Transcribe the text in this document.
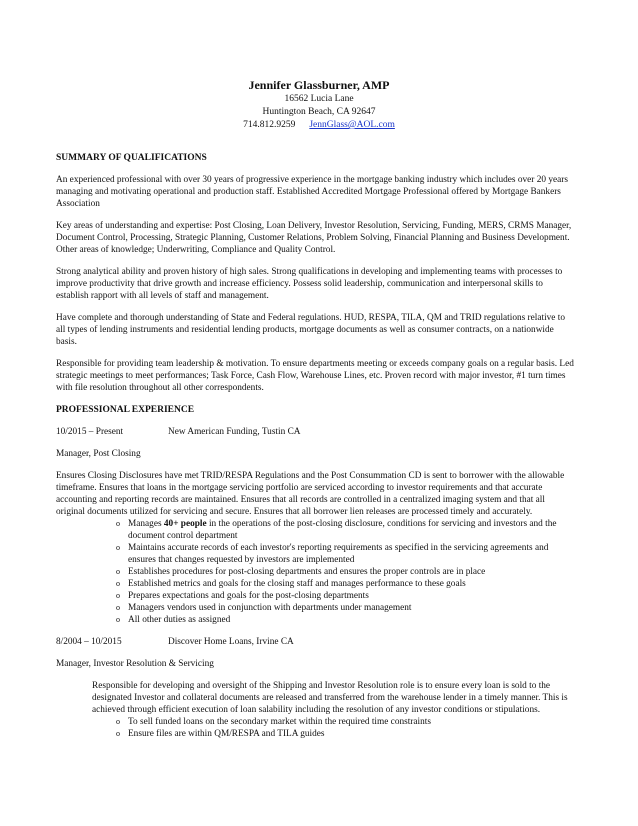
Jennifer Glassburner, AMP
16562 Lucia Lane
Huntington Beach, CA 92647
714.812.9259 JennGlass@AOL.com
SUMMARY OF QUALIFICATIONS

An experienced professional with over 30 years of progressive experience in the mortgage banking industry which includes over 20 years managing and motivating operational and production staff. Established Accredited Mortgage Professional offered by Mortgage Bankers Association

Key areas of understanding and expertise: Post Closing, Loan Delivery, Investor Resolution, Servicing, Funding, MERS, CRMS Manager, Document Control, Processing, Strategic Planning, Customer Relations, Problem Solving, Financial Planning and Business Development. Other areas of knowledge; Underwriting, Compliance and Quality Control.

Strong analytical ability and proven history of high sales. Strong qualifications in developing and implementing teams with processes to improve productivity that drive growth and increase efficiency. Possess solid leadership, communication and interpersonal skills to establish rapport with all levels of staff and management.

Have complete and thorough understanding of State and Federal regulations. HUD, RESPA, TILA, QM and TRID regulations relative to all types of lending instruments and residential lending products, mortgage documents as well as consumer contracts, on a nationwide basis.

Responsible for providing team leadership & motivation. To ensure departments meeting or exceeds company goals on a regular basis. Led strategic meetings to meet performances; Task Force, Cash Flow, Warehouse Lines, etc. Proven record with major investor, #1 turn times with file resolution throughout all other correspondents.

PROFESSIONAL EXPERIENCE
10/2015 – Present	New American Funding, Tustin CA
Manager, Post Closing

Ensures Closing Disclosures have met TRID/RESPA Regulations and the Post Consummation CD is sent to borrower with the allowable timeframe. Ensures that loans in the mortgage servicing portfolio are serviced according to investor requirements and that accurate accounting and reporting records are maintained. Ensures that all records are controlled in a centralized imaging system and that all original documents utilized for servicing and secure. Ensures that all borrower lien releases are processed timely and accurately.

o Manages 40+ people in the operations of the post-closing disclosure, conditions for servicing and investors and the document control department
o Maintains accurate records of each investor's reporting requirements as specified in the servicing agreements and ensures that changes requested by investors are implemented
o Establishes procedures for post-closing departments and ensures the proper controls are in place
o Established metrics and goals for the closing staff and manages performance to these goals
o Prepares expectations and goals for the post-closing departments
o Managers vendors used in conjunction with departments under management
o All other duties as assigned
8/2004 – 10/2015	Discover Home Loans, Irvine CA
Manager, Investor Resolution & Servicing

Responsible for developing and oversight of the Shipping and Investor Resolution role is to ensure every loan is sold to the designated Investor and collateral documents are released and transferred from the warehouse lender in a timely manner. This is achieved through efficient execution of loan salability including the resolution of any investor conditions or stipulations.

o To sell funded loans on the secondary market within the required time constraints
o Ensure files are within QM/RESPA and TILA guides
